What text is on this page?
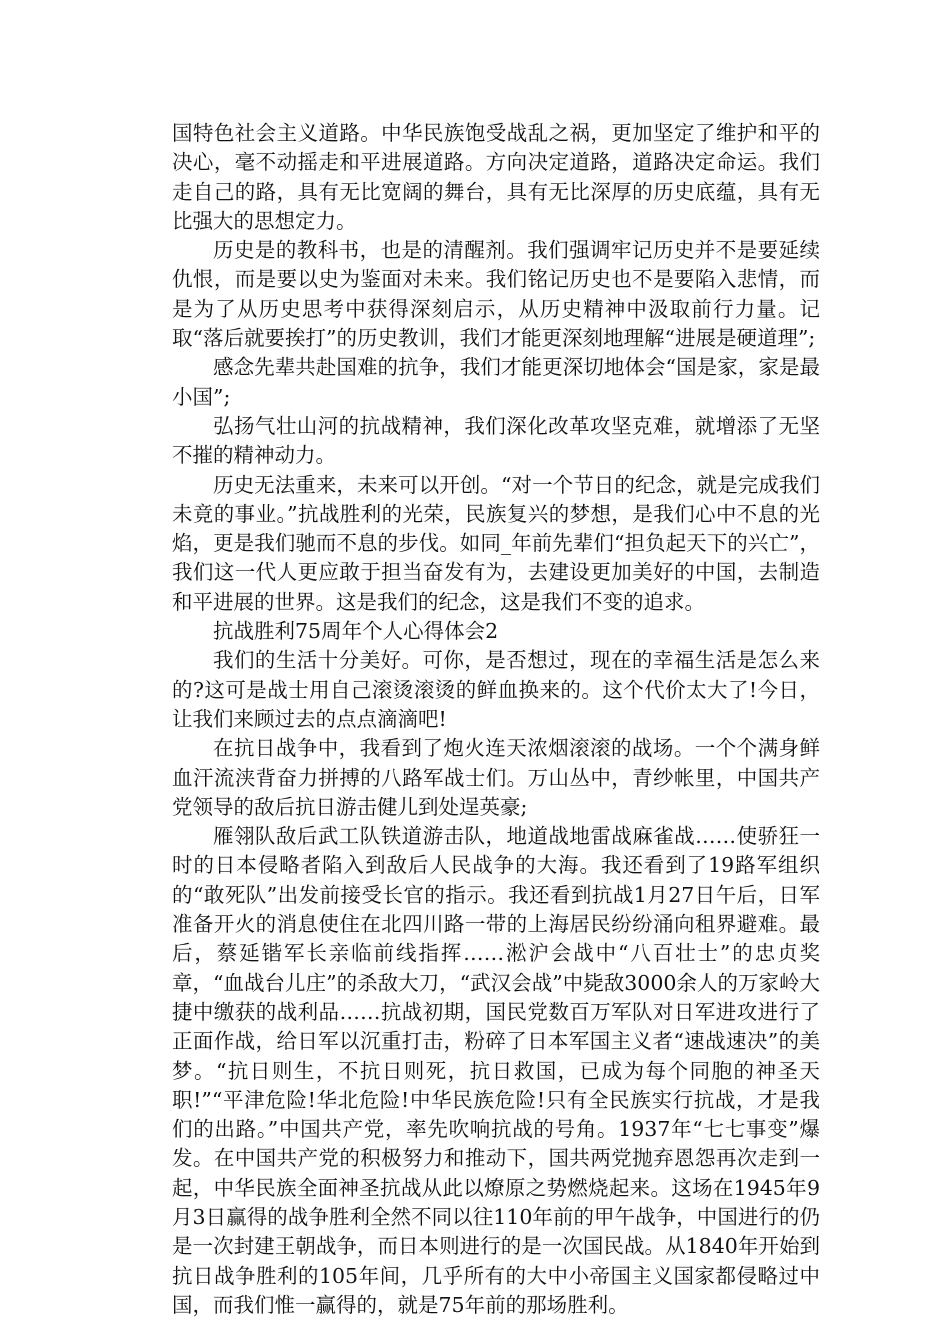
国特色社会主义道路。中华民族饱受战乱之祸，更加坚定了维护和平的决心，毫不动摇走和平进展道路。方向决定道路，道路决定命运。我们走自己的路，具有无比宽阔的舞台，具有无比深厚的历史底蕴，具有无比强大的思想定力。

历史是的教科书，也是的清醒剂。我们强调牢记历史并不是要延续仇恨，而是要以史为鉴面对未来。我们铭记历史也不是要陷入悲情，而是为了从历史思考中获得深刻启示，从历史精神中汲取前行力量。记取“落后就要挨打”的历史教训，我们才能更深刻地理解“进展是硬道理”;

感念先辈共赴国难的抗争，我们才能更深切地体会“国是家，家是最小国”;

弘扬气壮山河的抗战精神，我们深化改革攻坚克难，就增添了无坚不摧的精神动力。

历史无法重来，未来可以开创。“对一个节日的纪念，就是完成我们未竟的事业。”抗战胜利的光荣，民族复兴的梦想，是我们心中不息的光焰，更是我们驰而不息的步伐。如同_年前先辈们“担负起天下的兴亡”，我们这一代人更应敢于担当奋发有为，去建设更加美好的中国，去制造和平进展的世界。这是我们的纪念，这是我们不变的追求。

抗战胜利75周年个人心得体会2

我们的生活十分美好。可你，是否想过，现在的幸福生活是怎么来的?这可是战士用自己滚烫滚烫的鲜血换来的。这个代价太大了!今日，让我们来顾过去的点点滴滴吧!

在抗日战争中，我看到了炮火连天浓烟滚滚的战场。一个个满身鲜血汗流浃背奋力拼搏的八路军战士们。万山丛中，青纱帐里，中国共产党领导的敌后抗日游击健儿到处逞英豪;

雁翎队敌后武工队铁道游击队，地道战地雷战麻雀战……使骄狂一时的日本侵略者陷入到敌后人民战争的大海。我还看到了19路军组织的“敢死队”出发前接受长官的指示。我还看到抗战1月27日午后，日军准备开火的消息使住在北四川路一带的上海居民纷纷涌向租界避难。最后，蔡延锴军长亲临前线指挥……淞沪会战中“八百壮士”的忠贞奖章，“血战台儿庄”的杀敌大刀，“武汉会战”中毙敌3000余人的万家岭大捷中缴获的战利品……抗战初期，国民党数百万军队对日军进攻进行了正面作战，给日军以沉重打击，粉碎了日本军国主义者“速战速决”的美梦。“抗日则生，不抗日则死，抗日救国，已成为每个同胞的神圣天职!”“平津危险!华北危险!中华民族危险!只有全民族实行抗战，才是我们的出路。”中国共产党，率先吹响抗战的号角。1937年“七七事变”爆发。在中国共产党的积极努力和推动下，国共两党抛弃恩怨再次走到一起，中华民族全面神圣抗战从此以燎原之势燃烧起来。这场在1945年9月3日赢得的战争胜利全然不同以往110年前的甲午战争，中国进行的仍是一次封建王朝战争，而日本则进行的是一次国民战。从1840年开始到抗日战争胜利的105年间，几乎所有的大中小帝国主义国家都侵略过中国，而我们惟一赢得的，就是75年前的那场胜利。
